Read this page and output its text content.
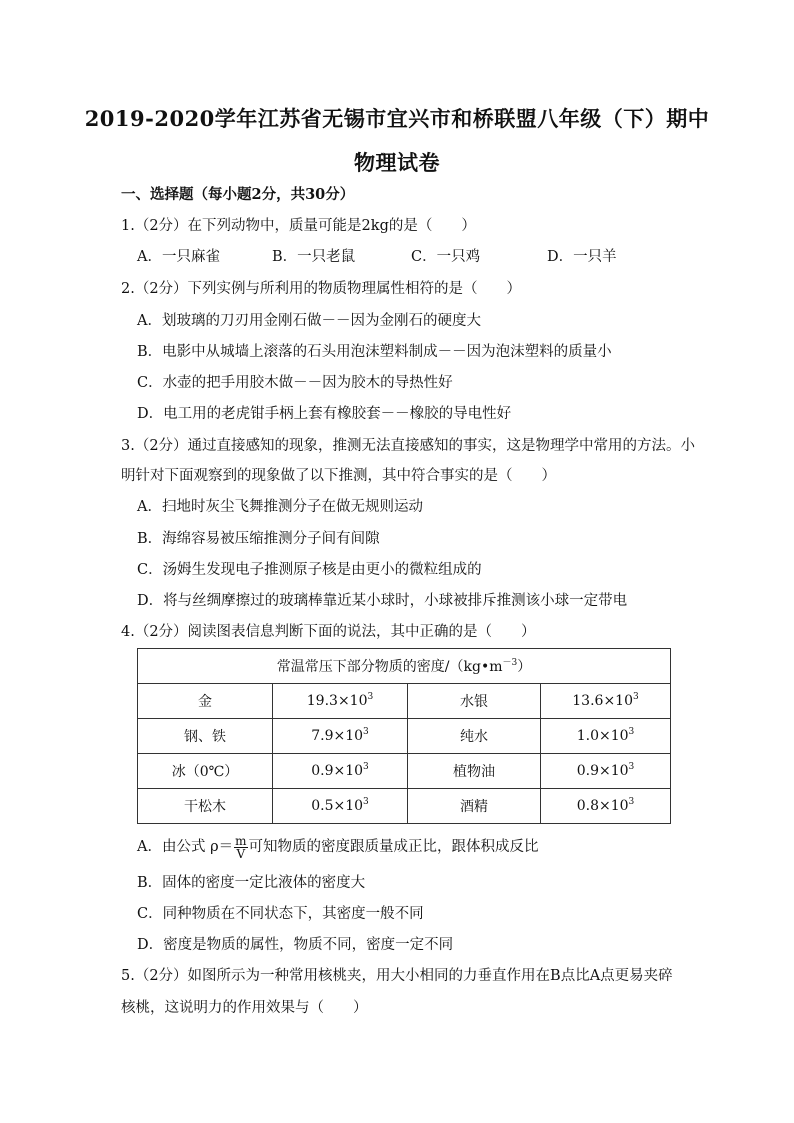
2019-2020学年江苏省无锡市宜兴市和桥联盟八年级（下）期中
物理试卷
一、选择题（每小题2分，共30分）
1.（2分）在下列动物中，质量可能是2kg的是（　　）
A．一只麻雀	B．一只老鼠	C．一只鸡	D．一只羊
2.（2分）下列实例与所利用的物质物理属性相符的是（　　）
A．划玻璃的刀刃用金刚石做－－因为金刚石的硬度大
B．电影中从城墙上滚落的石头用泡沫塑料制成－－因为泡沫塑料的质量小
C．水壶的把手用胶木做－－因为胶木的导热性好
D．电工用的老虎钳手柄上套有橡胶套－－橡胶的导电性好
3.（2分）通过直接感知的现象，推测无法直接感知的事实，这是物理学中常用的方法。小
明针对下面观察到的现象做了以下推测，其中符合事实的是（　　）
A．扫地时灰尘飞舞推测分子在做无规则运动
B．海绵容易被压缩推测分子间有间隙
C．汤姆生发现电子推测原子核是由更小的微粒组成的
D．将与丝绸摩擦过的玻璃棒靠近某小球时，小球被排斥推测该小球一定带电
4.（2分）阅读图表信息判断下面的说法，其中正确的是（　　）
常温常压下部分物质的密度$/(kg•m^{-3})$			
金	$19.3\times 10^3$	水银	$13.6\times 10^3$
钢、铁	$7.9\times 10^3$	纯水	$1.0\times 10^3$
冰（0℃）	$0.9\times 10^3$	植物油	$0.9\times 10^3$
干松木	$0.5\times 10^3$	酒精	$0.8\times 10^3$
A．由公式 $\rho= \frac{m}{V}$ 可知物质的密度跟质量成正比，跟体积成反比
B．固体的密度一定比液体的密度大
C．同种物质在不同状态下，其密度一般不同
D．密度是物质的属性，物质不同，密度一定不同
5.（2分）如图所示为一种常用核桃夹，用大小相同的力垂直作用在B点比A点更易夹碎
核桃，这说明力的作用效果与（　　）
